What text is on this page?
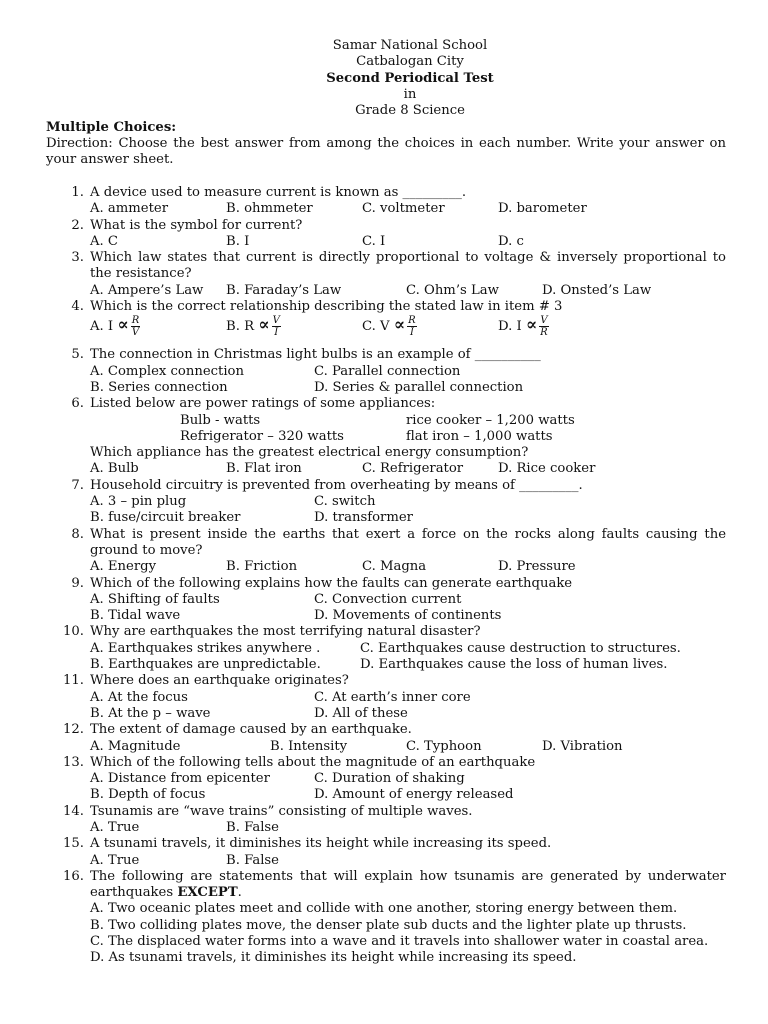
Samar National School
Catbalogan City
Second Periodical Test
in
Grade 8 Science
Multiple Choices:
Direction: Choose the best answer from among the choices in each number. Write your answer on your answer sheet.
1. A device used to measure current is known as _________.
A. ammeter	B. ohmmeter	C. voltmeter	D. barometer
2. What is the symbol for current?
A. C	B. I	C. I	D. c
3. Which law states that current is directly proportional to voltage & inversely proportional to the resistance?
A. Ampere’s Law B. Faraday’s Law	C. Ohm’s Law	D. Onsted’s Law
4. Which is the correct relationship describing the stated law in item # 3
A. $I \propto \frac{R}{V}$	B. $R \propto \frac{V}{I}$	C. $V \propto \frac{R}{I}$	D. $I \propto \frac{V}{R}$
5. The connection in Christmas light bulbs is an example of __________
A. Complex connection	C. Parallel connection
B. Series connection	D. Series & parallel connection
6. Listed below are power ratings of some appliances:
Bulb - watts	rice cooker – 1,200 watts
Refrigerator – 320 watts	flat iron – 1,000 watts
Which appliance has the greatest electrical energy consumption?
A. Bulb	B. Flat iron	C. Refrigerator	D. Rice cooker
7. Household circuitry is prevented from overheating by means of _________.
A. 3 – pin plug	C. switch
B. fuse/circuit breaker	D. transformer
8. What is present inside the earths that exert a force on the rocks along faults causing the ground to move?
A. Energy	B. Friction	C. Magna	D. Pressure
9. Which of the following explains how the faults can generate earthquake
A. Shifting of faults	C. Convection current
B. Tidal wave	D. Movements of continents
10. Why are earthquakes the most terrifying natural disaster?
A. Earthquakes strikes anywhere .	C. Earthquakes cause destruction to structures.
B. Earthquakes are unpredictable.	D. Earthquakes cause the loss of human lives.
11. Where does an earthquake originates?
A. At the focus	C. At earth’s inner core
B. At the p – wave	D. All of these
12. The extent of damage caused by an earthquake.
A. Magnitude	B. Intensity	C. Typhoon	D. Vibration
13. Which of the following tells about the magnitude of an earthquake
A. Distance from epicenter	C. Duration of shaking
B. Depth of focus	D. Amount of energy released
14. Tsunamis are “wave trains” consisting of multiple waves.
A. True	B. False
15. A tsunami travels, it diminishes its height while increasing its speed.
A. True	B. False
16. The following are statements that will explain how tsunamis are generated by underwater earthquakes EXCEPT.
A. Two oceanic plates meet and collide with one another, storing energy between them.
B. Two colliding plates move, the denser plate sub ducts and the lighter plate up thrusts.
C. The displaced water forms into a wave and it travels into shallower water in coastal area.
D. As tsunami travels, it diminishes its height while increasing its speed.
